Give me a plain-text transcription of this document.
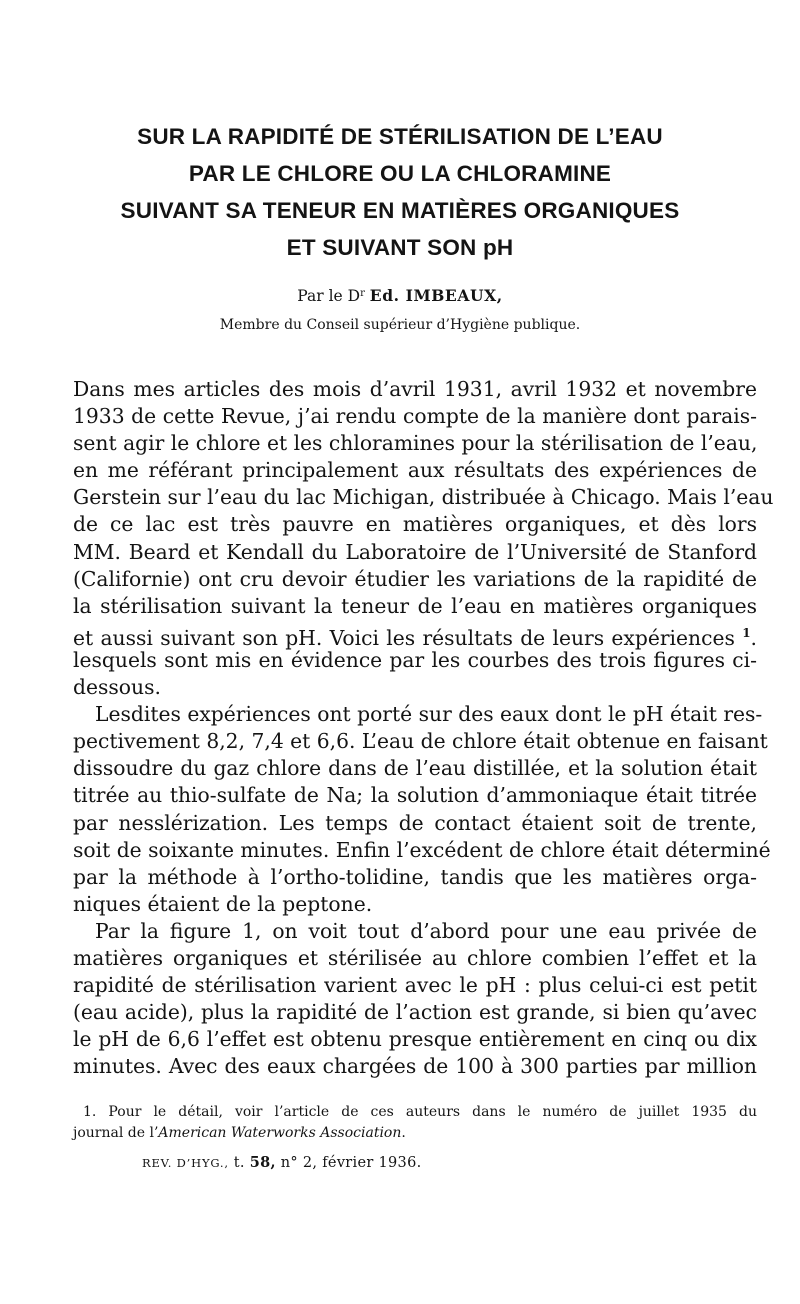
SUR LA RAPIDITÉ DE STÉRILISATION DE L’EAU
PAR LE CHLORE OU LA CHLORAMINE
SUIVANT SA TENEUR EN MATIÈRES ORGANIQUES
ET SUIVANT SON pH
Par le $D^r$ Ed. IMBEAUX,
Membre du Conseil supérieur d’Hygiène publique.
Dans mes articles des mois d’avril 1931, avril 1932 et novembre
1933 de cette Revue, j’ai rendu compte de la manière dont parais-
sent agir le chlore et les chloramines pour la stérilisation de l’eau,
en me référant principalement aux résultats des expériences de
Gerstein sur l’eau du lac Michigan, distribuée à Chicago. Mais l’eau
de ce lac est très pauvre en matières organiques, et dès lors
MM. Beard et Kendall du Laboratoire de l’Université de Stanford
(Californie) ont cru devoir étudier les variations de la rapidité de
la stérilisation suivant la teneur de l’eau en matières organiques
et aussi suivant son pH. Voici les résultats de leurs expériences $^1$.
lesquels sont mis en évidence par les courbes des trois figures ci-
dessous.
Lesdites expériences ont porté sur des eaux dont le pH était res-
pectivement 8,2, 7,4 et 6,6. L’eau de chlore était obtenue en faisant
dissoudre du gaz chlore dans de l’eau distillée, et la solution était
titrée au thio-sulfate de Na; la solution d’ammoniaque était titrée
par nesslérization. Les temps de contact étaient soit de trente,
soit de soixante minutes. Enfin l’excédent de chlore était déterminé
par la méthode à l’ortho-tolidine, tandis que les matières orga-
niques étaient de la peptone.
Par la figure 1, on voit tout d’abord pour une eau privée de
matières organiques et stérilisée au chlore combien l’effet et la
rapidité de stérilisation varient avec le pH : plus celui-ci est petit
(eau acide), plus la rapidité de l’action est grande, si bien qu’avec
le pH de 6,6 l’effet est obtenu presque entièrement en cinq ou dix
minutes. Avec des eaux chargées de 100 à 300 parties par million
1. Pour le détail, voir l’article de ces auteurs dans le numéro de juillet 1935 du
journal de l’American Waterworks Association.
REV. D’HYG., t. 58, n° 2, février 1936.
